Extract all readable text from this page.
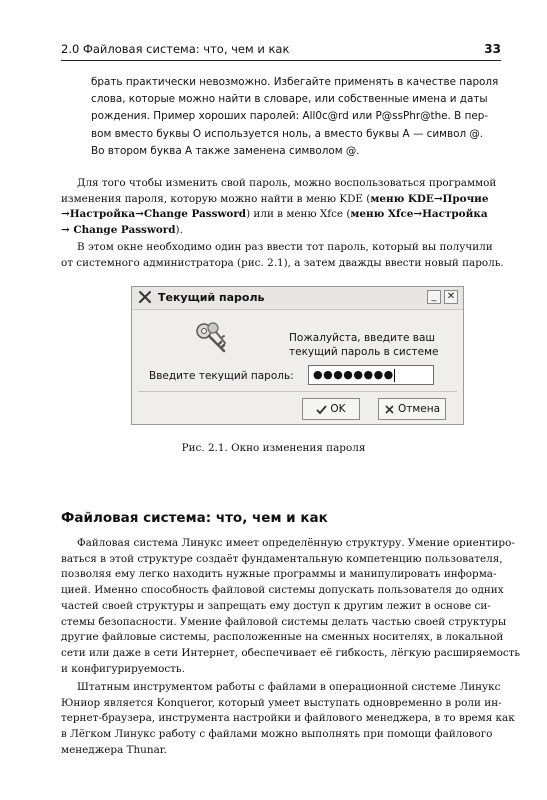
2.0 Файловая система: что, чем и как	33
брать практически невозможно. Избегайте применять в качестве пароля
слова, которые можно найти в словаре, или собственные имена и даты
рождения. Пример хороших паролей: All0c@rd или P@ssPhr@the. В пер-
вом вместо буквы O используется ноль, а вместо буквы A — символ @.
Во втором буква A также заменена символом @.
Для того чтобы изменить свой пароль, можно воспользоваться программой
изменения пароля, которую можно найти в меню KDE (меню KDE→Прочие
→Настройка→Change Password) или в меню Xfce (меню Xfce→Настройка
→ Change Password).
В этом окне необходимо один раз ввести тот пароль, который вы получили
от системного администратора (рис. 2.1), а затем дважды ввести новый пароль.
Текущий пароль	_	✕
Пожалуйста, введите ваш
текущий пароль в системе
Введите текущий пароль:	●●●●●●●●
OK	Отмена
Рис. 2.1. Окно изменения пароля
Файловая система: что, чем и как
Файловая система Линукс имеет определённую структуру. Умение ориентиро-
ваться в этой структуре создаёт фундаментальную компетенцию пользователя,
позволяя ему легко находить нужные программы и манипулировать информа-
цией. Именно способность файловой системы допускать пользователя до одних
частей своей структуры и запрещать ему доступ к другим лежит в основе си-
стемы безопасности. Умение файловой системы делать частью своей структуры
другие файловые системы, расположенные на сменных носителях, в локальной
сети или даже в сети Интернет, обеспечивает её гибкость, лёгкую расширяемость
и конфигурируемость.
Штатным инструментом работы с файлами в операционной системе Линукс
Юниор является Konqueror, который умеет выступать одновременно в роли ин-
тернет-браузера, инструмента настройки и файлового менеджера, в то время как
в Лёгком Линукс работу с файлами можно выполнять при помощи файлового
менеджера Thunar.
